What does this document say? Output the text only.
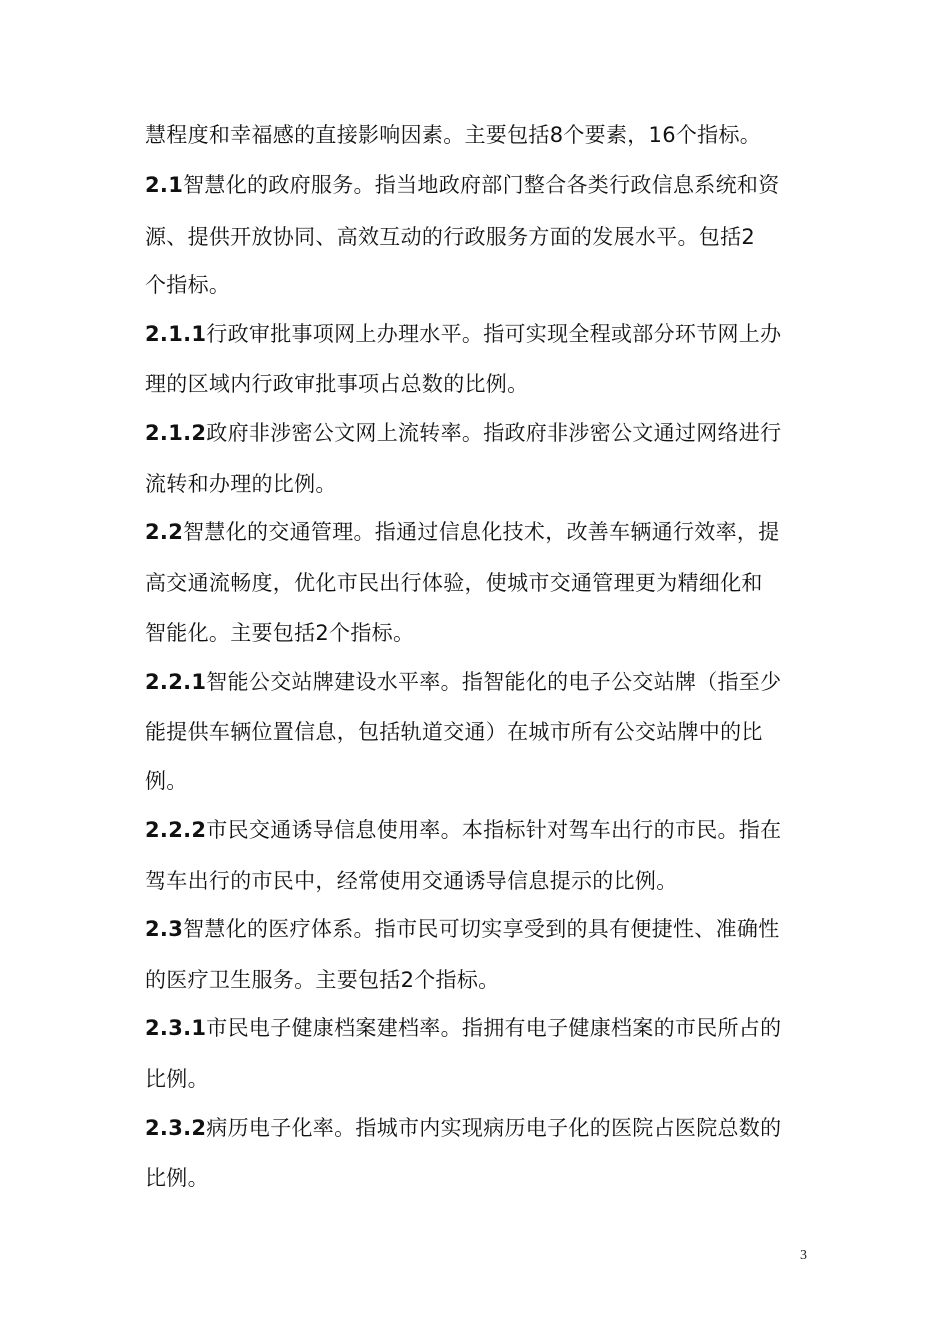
慧程度和幸福感的直接影响因素。主要包括8个要素，16个指标。
2.1智慧化的政府服务。指当地政府部门整合各类行政信息系统和资
源、提供开放协同、高效互动的行政服务方面的发展水平。包括2
个指标。
2.1.1行政审批事项网上办理水平。指可实现全程或部分环节网上办
理的区域内行政审批事项占总数的比例。
2.1.2政府非涉密公文网上流转率。指政府非涉密公文通过网络进行
流转和办理的比例。
2.2智慧化的交通管理。指通过信息化技术，改善车辆通行效率，提
高交通流畅度，优化市民出行体验，使城市交通管理更为精细化和
智能化。主要包括2个指标。
2.2.1智能公交站牌建设水平率。指智能化的电子公交站牌（指至少
能提供车辆位置信息，包括轨道交通）在城市所有公交站牌中的比
例。
2.2.2市民交通诱导信息使用率。本指标针对驾车出行的市民。指在
驾车出行的市民中，经常使用交通诱导信息提示的比例。
2.3智慧化的医疗体系。指市民可切实享受到的具有便捷性、准确性
的医疗卫生服务。主要包括2个指标。
2.3.1市民电子健康档案建档率。指拥有电子健康档案的市民所占的
比例。
2.3.2病历电子化率。指城市内实现病历电子化的医院占医院总数的
比例。
3
